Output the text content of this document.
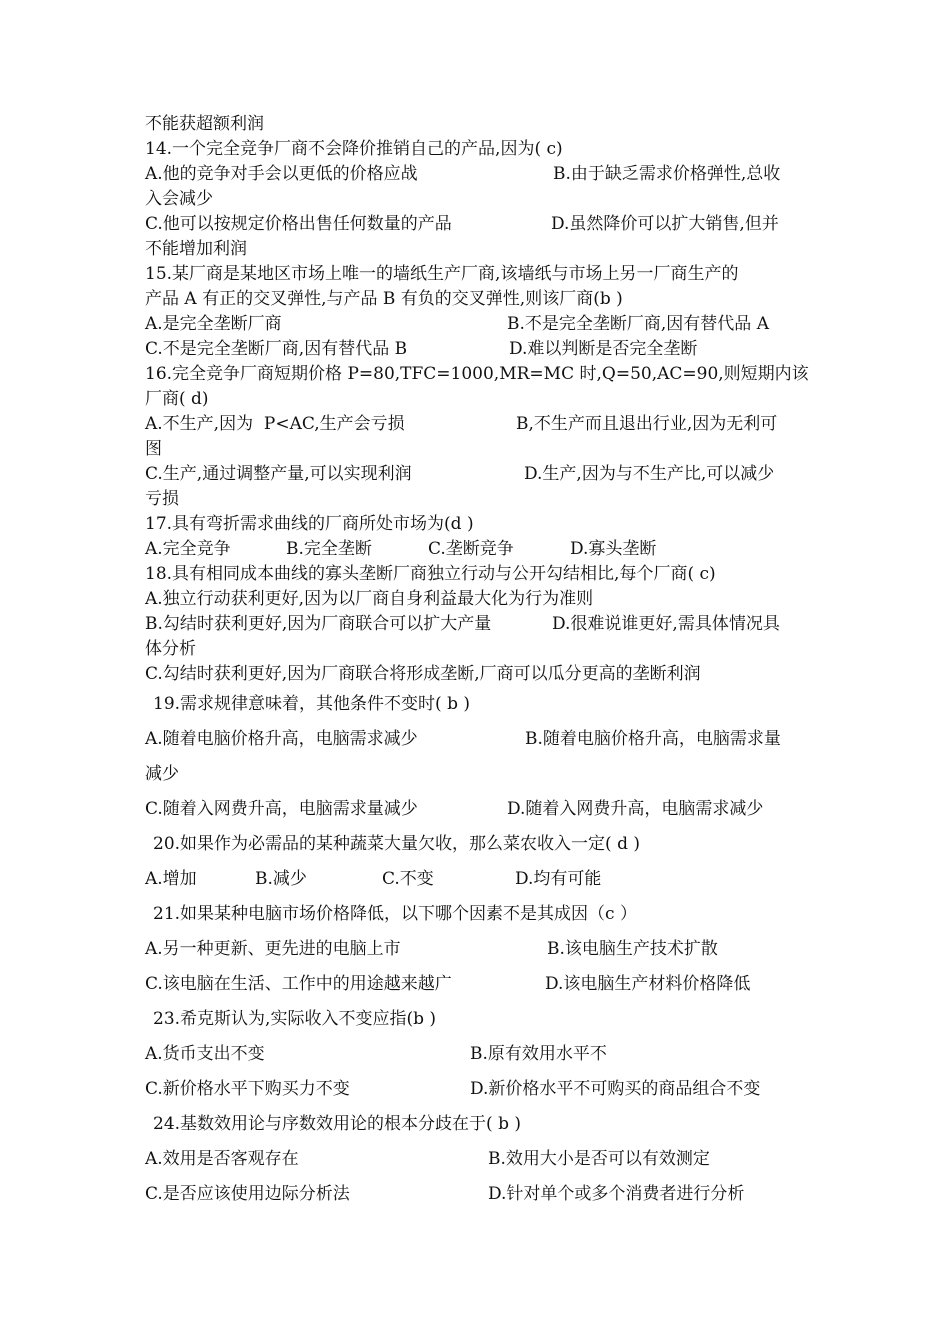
不能获超额利润
14.一个完全竞争厂商不会降价推销自己的产品,因为( c)

A.他的竞争对手会以更低的价格应战

	B.由于缺乏需求价格弹性,总收

入会减少

C.他可以按规定价格出售任何数量的产品

	D.虽然降价可以扩大销售,但并

不能增加利润
15.某厂商是某地区市场上唯一的墙纸生产厂商,该墙纸与市场上另一厂商生产的
产品 A 有正的交叉弹性,与产品 B 有负的交叉弹性,则该厂商(b )

A.是完全垄断厂商

	B.不是完全垄断厂商,因有替代品 A

C.不是完全垄断厂商,因有替代品 B

	D.难以判断是否完全垄断

16.完全竞争厂商短期价格 P=80,TFC=1000,MR=MC 时,Q=50,AC=90,则短期内该
厂商( d)

A.不生产,因为  P<AC,生产会亏损

	B,不生产而且退出行业,因为无利可

图

C.生产,通过调整产量,可以实现利润

	D.生产,因为与不生产比,可以减少

亏损
17.具有弯折需求曲线的厂商所处市场为(d )

A.完全竞争

	B.完全垄断

	C.垄断竞争

	D.寡头垄断

18.具有相同成本曲线的寡头垄断厂商独立行动与公开勾结相比,每个厂商( c)
A.独立行动获利更好,因为以厂商自身利益最大化为行为准则

B.勾结时获利更好,因为厂商联合可以扩大产量

	D.很难说谁更好,需具体情况具

体分析
C.勾结时获利更好,因为厂商联合将形成垄断,厂商可以瓜分更高的垄断利润
19.需求规律意味着，其他条件不变时( b )

A.随着电脑价格升高，电脑需求减少

	B.随着电脑价格升高，电脑需求量

减少

C.随着入网费升高，电脑需求量减少

	D.随着入网费升高，电脑需求减少

20.如果作为必需品的某种蔬菜大量欠收，那么菜农收入一定( d )

A.增加

	B.减少

	C.不变

	D.均有可能

21.如果某种电脑市场价格降低，以下哪个因素不是其成因（c ）

A.另一种更新、更先进的电脑上市

	B.该电脑生产技术扩散

C.该电脑在生活、工作中的用途越来越广

	D.该电脑生产材料价格降低

23.希克斯认为,实际收入不变应指(b )

A.货币支出不变

	B.原有效用水平不

C.新价格水平下购买力不变

	D.新价格水平不可购买的商品组合不变

24.基数效用论与序数效用论的根本分歧在于( b )

A.效用是否客观存在

	B.效用大小是否可以有效测定

C.是否应该使用边际分析法

	D.针对单个或多个消费者进行分析
